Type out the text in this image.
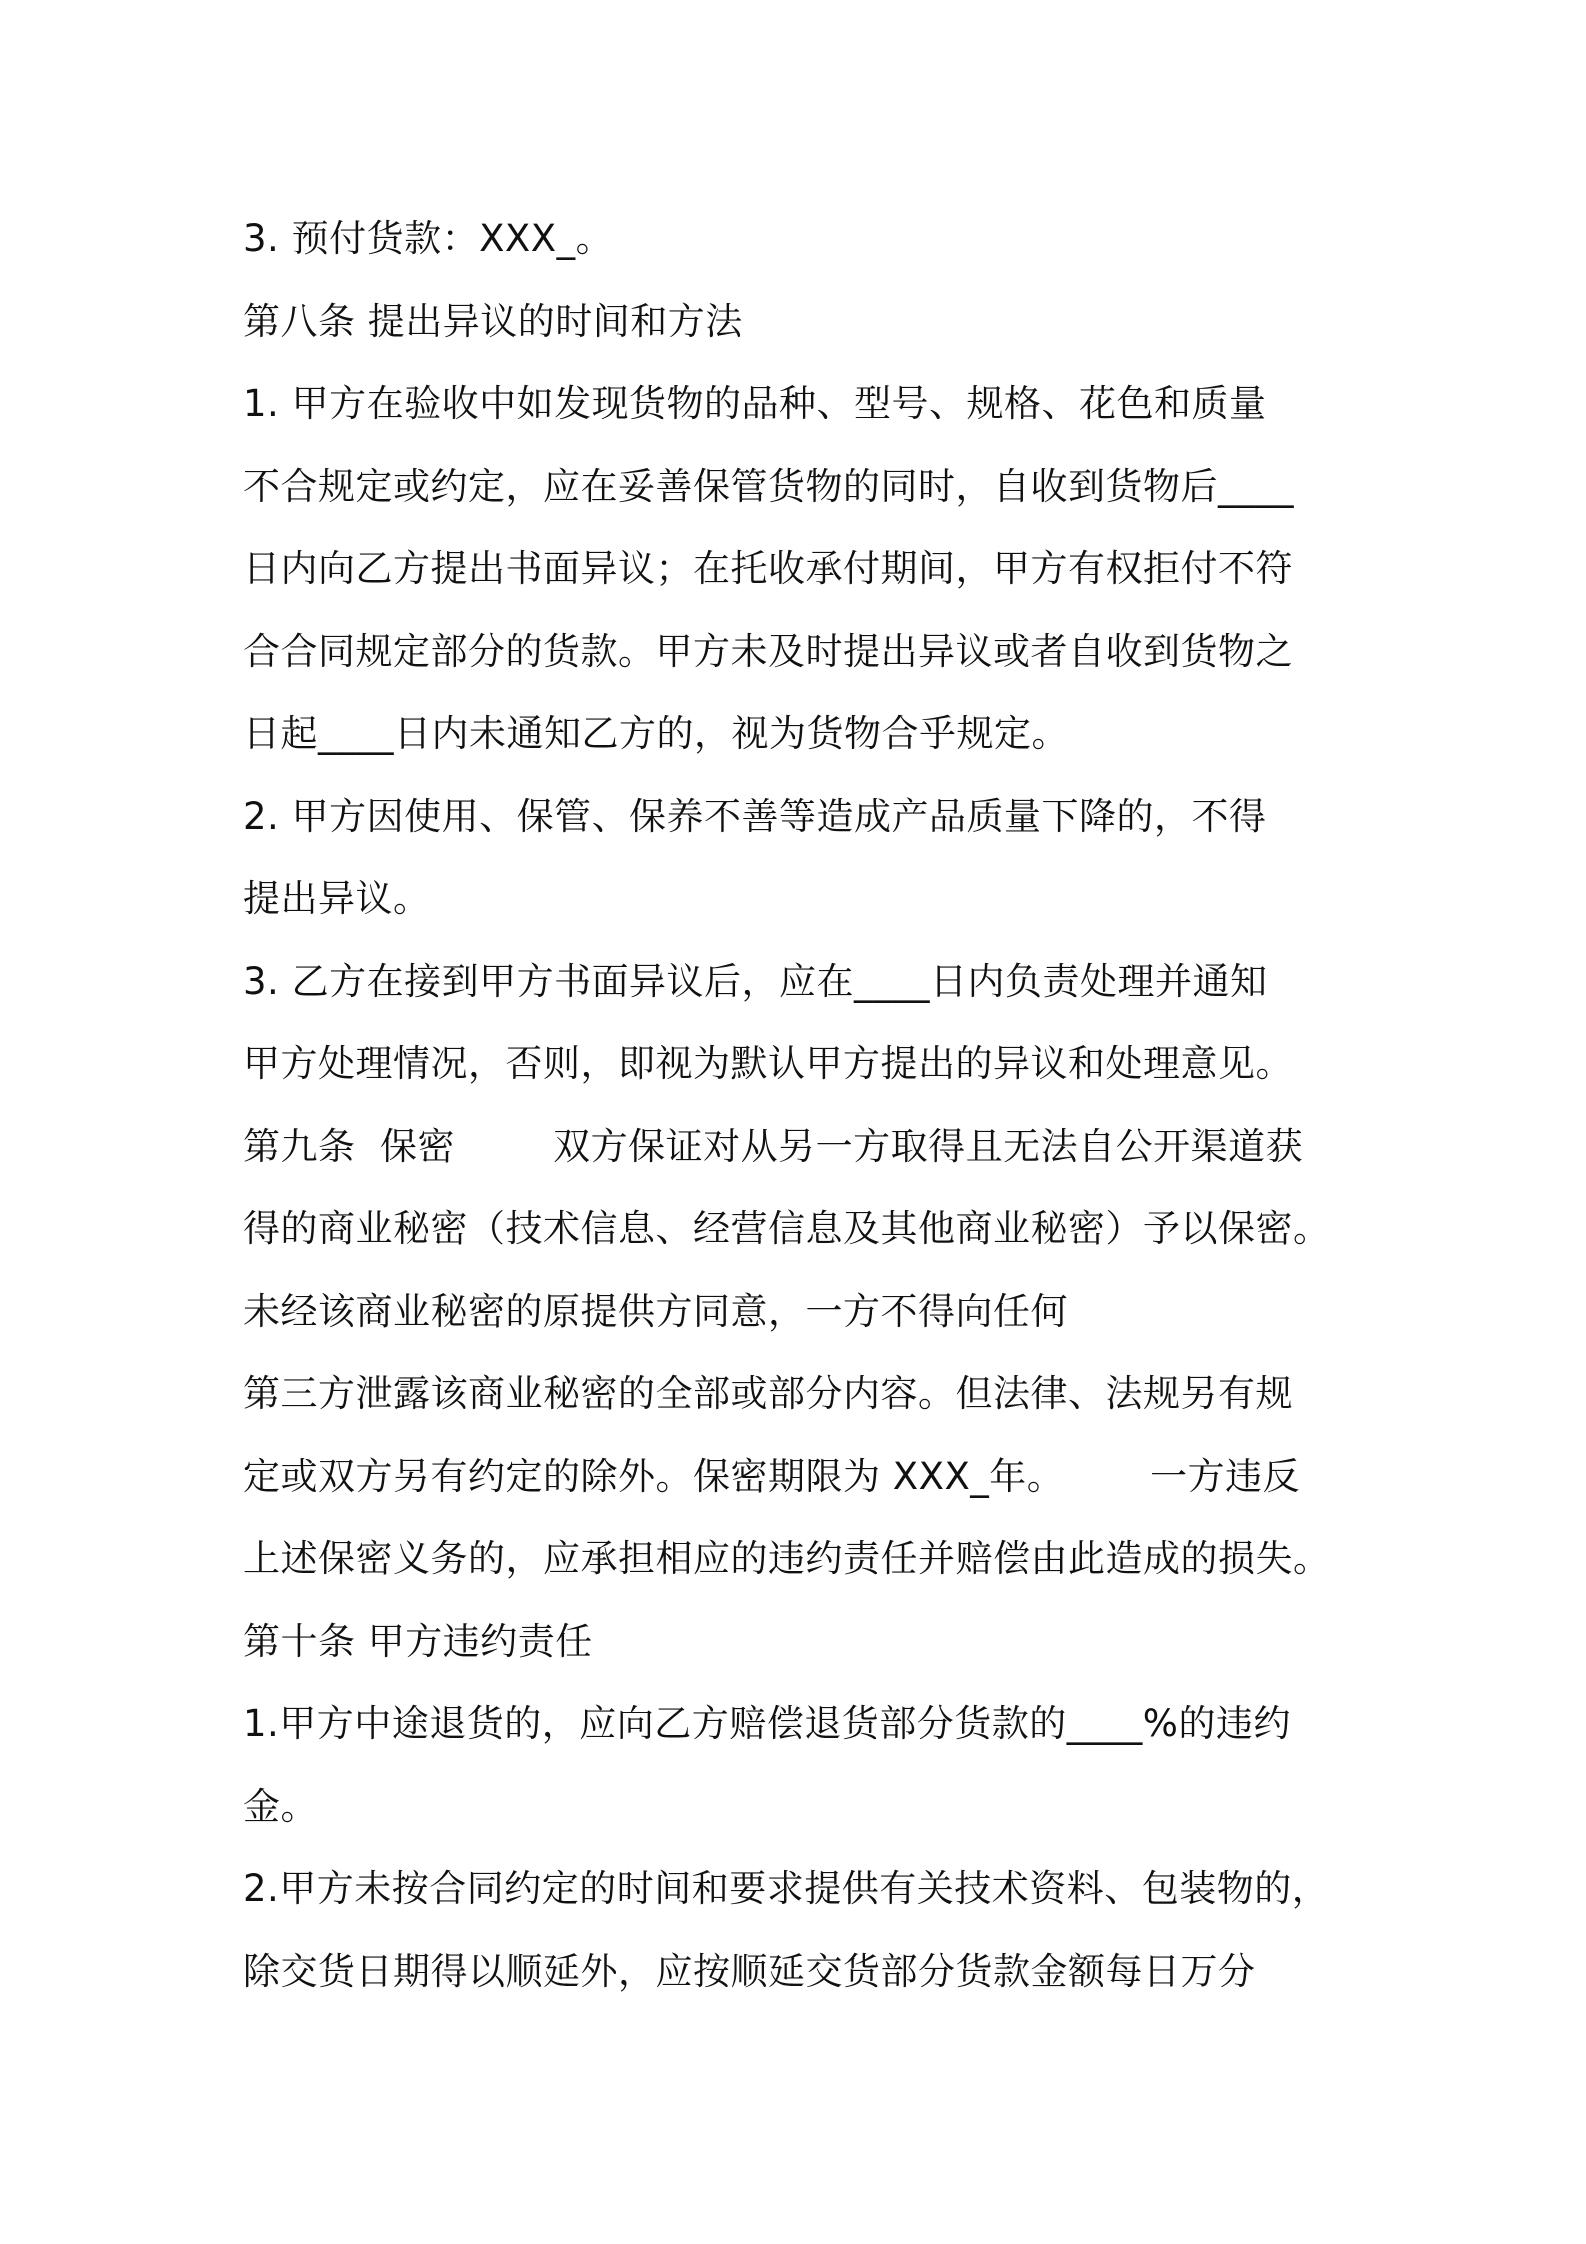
3. 预付货款：XXX_。
第八条 提出异议的时间和方法
1. 甲方在验收中如发现货物的品种、型号、规格、花色和质量
不合规定或约定，应在妥善保管货物的同时，自收到货物后____
日内向乙方提出书面异议；在托收承付期间，甲方有权拒付不符
合合同规定部分的货款。甲方未及时提出异议或者自收到货物之
日起____日内未通知乙方的，视为货物合乎规定。
2. 甲方因使用、保管、保养不善等造成产品质量下降的，不得
提出异议。
3. 乙方在接到甲方书面异议后，应在____日内负责处理并通知
甲方处理情况，否则，即视为默认甲方提出的异议和处理意见。
第九条  保密        双方保证对从另一方取得且无法自公开渠道获
得的商业秘密（技术信息、经营信息及其他商业秘密）予以保密。
未经该商业秘密的原提供方同意，一方不得向任何
第三方泄露该商业秘密的全部或部分内容。但法律、法规另有规
定或双方另有约定的除外。保密期限为 XXX_年。       一方违反
上述保密义务的，应承担相应的违约责任并赔偿由此造成的损失。
第十条 甲方违约责任
1.甲方中途退货的，应向乙方赔偿退货部分货款的____%的违约
金。
2.甲方未按合同约定的时间和要求提供有关技术资料、包装物的，
除交货日期得以顺延外，应按顺延交货部分货款金额每日万分
